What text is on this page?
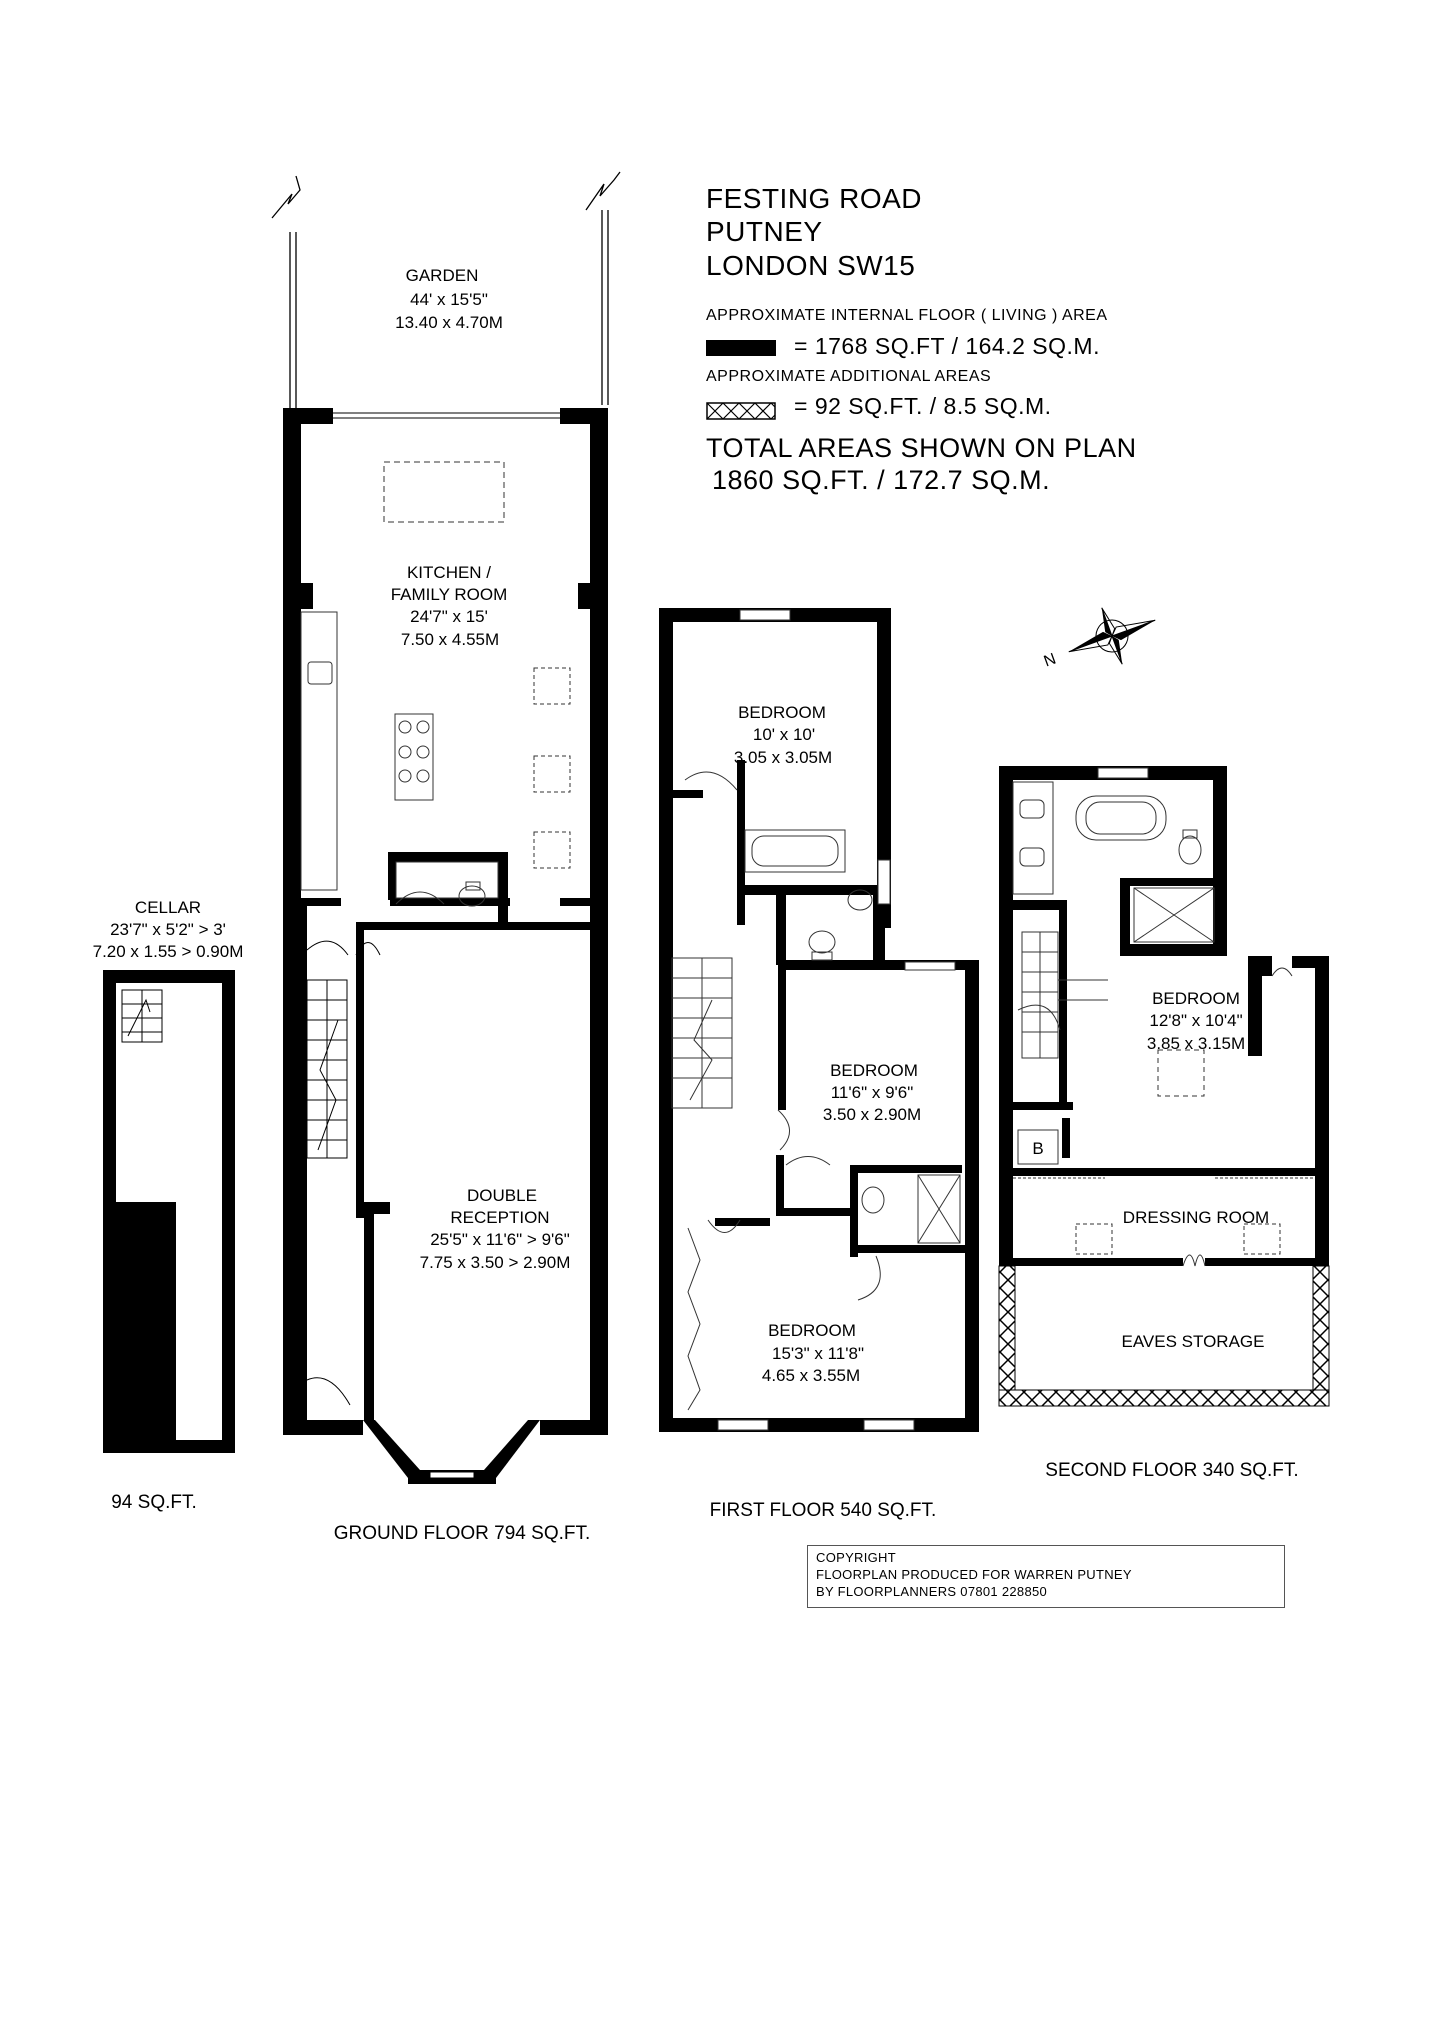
FESTING ROAD
PUTNEY
LONDON SW15
APPROXIMATE INTERNAL FLOOR ( LIVING ) AREA
= 1768 SQ.FT / 164.2 SQ.M.
APPROXIMATE ADDITIONAL AREAS
= 92 SQ.FT. / 8.5 SQ.M.
TOTAL AREAS SHOWN ON PLAN
1860 SQ.FT. / 172.7 SQ.M.
N
GARDEN
44' x 15'5"
13.40 x 4.70M
KITCHEN /
FAMILY ROOM
24'7" x 15'
7.50 x 4.55M
CELLAR
23'7" x 5'2" > 3'
7.20 x 1.55 > 0.90M
DOUBLE
RECEPTION
25'5" x 11'6" > 9'6"
7.75 x 3.50 > 2.90M
BEDROOM
10' x 10'
3.05 x 3.05M
BEDROOM
11'6" x 9'6"
3.50 x 2.90M
BEDROOM
15'3" x 11'8"
4.65 x 3.55M
BEDROOM
12'8" x 10'4"
3.85 x 3.15M
DRESSING ROOM
EAVES STORAGE
B
94 SQ.FT.
GROUND FLOOR 794 SQ.FT.
FIRST FLOOR 540 SQ.FT.
SECOND FLOOR 340 SQ.FT.
COPYRIGHT
FLOORPLAN PRODUCED FOR WARREN PUTNEY
BY FLOORPLANNERS 07801 228850
